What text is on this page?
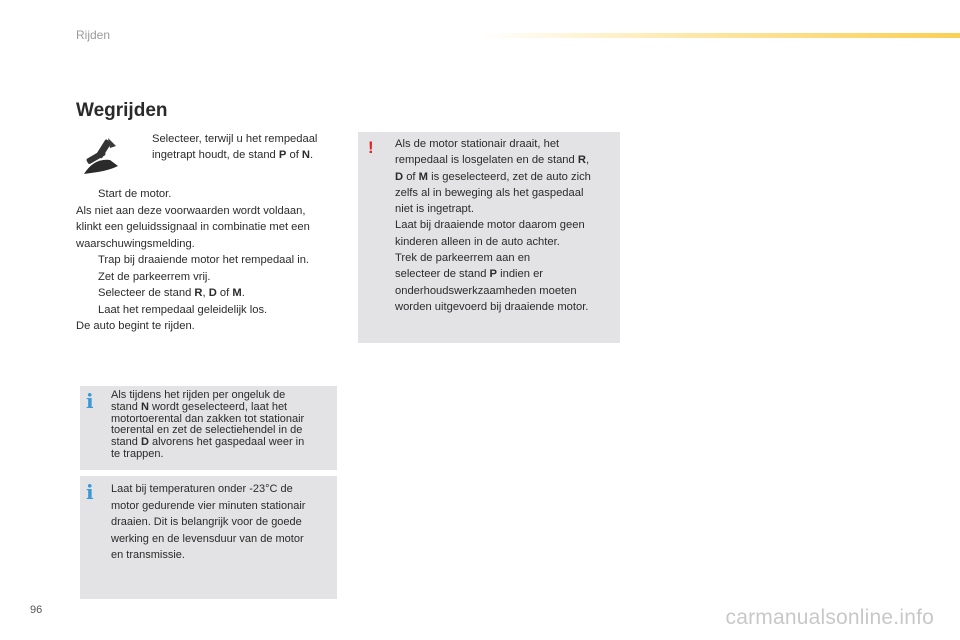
Rijden
Wegrijden
Selecteer, terwijl u het rempedaal
ingetrapt houdt, de stand P of N.
Start de motor.
Als niet aan deze voorwaarden wordt voldaan,
klinkt een geluidssignaal in combinatie met een
waarschuwingsmelding.
Trap bij draaiende motor het rempedaal in.
Zet de parkeerrem vrij.
Selecteer de stand R, D of M.
Laat het rempedaal geleidelijk los.
De auto begint te rijden.
! Als de motor stationair draait, het
rempedaal is losgelaten en de stand R,
D of M is geselecteerd, zet de auto zich
zelfs al in beweging als het gaspedaal
niet is ingetrapt.
Laat bij draaiende motor daarom geen
kinderen alleen in de auto achter.
Trek de parkeerrem aan en
selecteer de stand P indien er
onderhoudswerkzaamheden moeten
worden uitgevoerd bij draaiende motor.
i Als tijdens het rijden per ongeluk de
stand N wordt geselecteerd, laat het
motortoerental dan zakken tot stationair
toerental en zet de selectiehendel in de
stand D alvorens het gaspedaal weer in
te trappen.
i Laat bij temperaturen onder -23°C de
motor gedurende vier minuten stationair
draaien. Dit is belangrijk voor de goede
werking en de levensduur van de motor
en transmissie.
96	carmanualsonline.info
